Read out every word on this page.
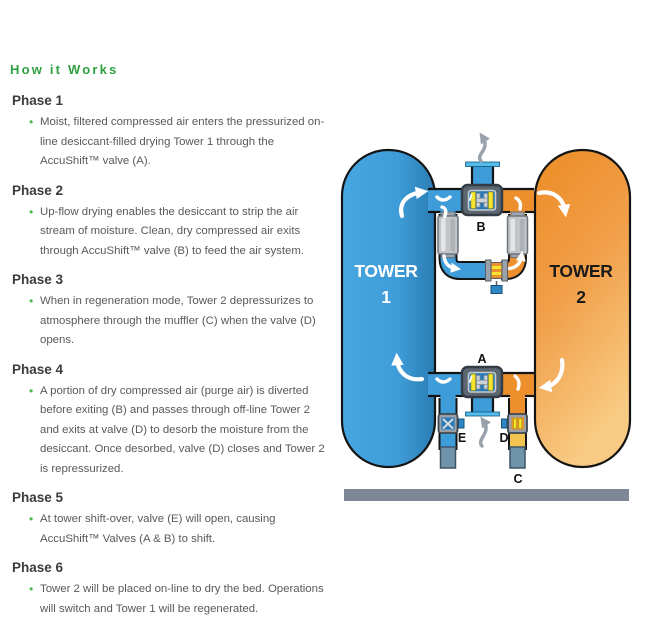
How it Works
Phase 1
• Moist, filtered compressed air enters the pressurized on-line desiccant-filled drying Tower 1 through the AccuShift™ valve (A).
Phase 2
• Up-flow drying enables the desiccant to strip the air stream of moisture. Clean, dry compressed air exits through AccuShift™ valve (B) to feed the air system.
Phase 3
• When in regeneration mode, Tower 2 depressurizes to atmosphere through the muffler (C) when the valve (D) opens.
Phase 4
• A portion of dry compressed air (purge air) is diverted before exiting (B) and passes through off-line Tower 2 and exits at valve (D) to desorb the moisture from the desiccant. Once desorbed, valve (D) closes and Tower 2 is repressurized.
Phase 5
• At tower shift-over, valve (E) will open, causing AccuShift™ Valves (A & B) to shift.
Phase 6
• Tower 2 will be placed on-line to dry the bed. Operations will switch and Tower 1 will be regenerated.
TOWER
1
TOWER
2
B
A
E	D
C
